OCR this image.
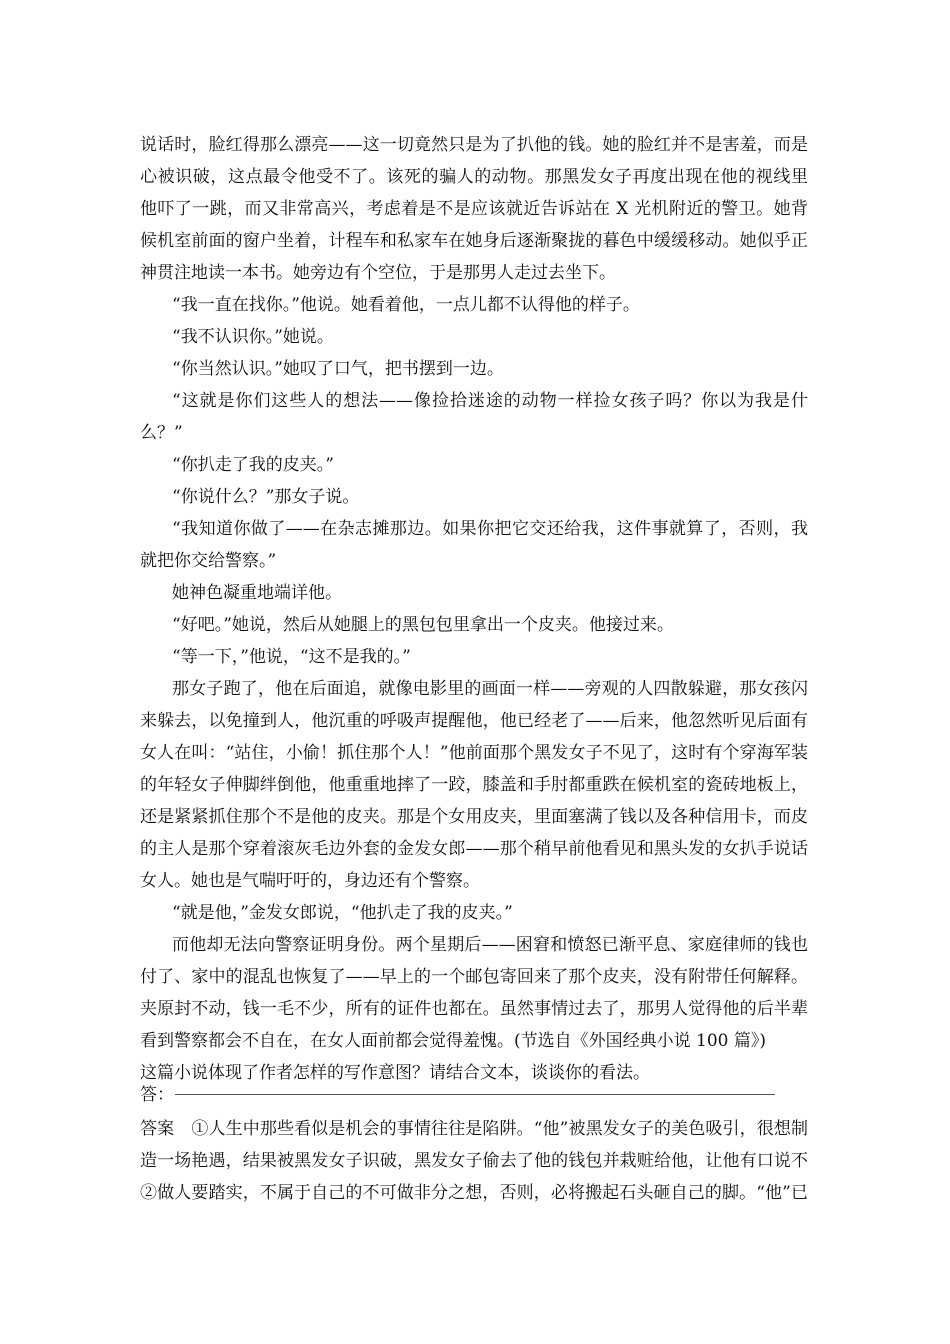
说话时，脸红得那么漂亮——这一切竟然只是为了扒他的钱。她的脸红并不是害羞，而是
心被识破，这点最令他受不了。该死的骗人的动物。那黑发女子再度出现在他的视线里
他吓了一跳，而又非常高兴，考虑着是不是应该就近告诉站在 X 光机附近的警卫。她背
候机室前面的窗户坐着，计程车和私家车在她身后逐渐聚拢的暮色中缓缓移动。她似乎正
神贯注地读一本书。她旁边有个空位，于是那男人走过去坐下。
“我一直在找你。”他说。她看着他，一点儿都不认得他的样子。
“我不认识你。”她说。
“你当然认识。”她叹了口气，把书摆到一边。
“这就是你们这些人的想法——像捡拾迷途的动物一样捡女孩子吗？你以为我是什
么？”
“你扒走了我的皮夹。”
“你说什么？”那女子说。
“我知道你做了——在杂志摊那边。如果你把它交还给我，这件事就算了，否则，我
就把你交给警察。”
她神色凝重地端详他。
“好吧。”她说，然后从她腿上的黑包包里拿出一个皮夹。他接过来。
“等一下，”他说，“这不是我的。”
那女子跑了，他在后面追，就像电影里的画面一样——旁观的人四散躲避，那女孩闪
来躲去，以免撞到人，他沉重的呼吸声提醒他，他已经老了——后来，他忽然听见后面有
女人在叫：“站住，小偷！抓住那个人！”他前面那个黑发女子不见了，这时有个穿海军装
的年轻女子伸脚绊倒他，他重重地摔了一跤，膝盖和手肘都重跌在候机室的瓷砖地板上，
还是紧紧抓住那个不是他的皮夹。那是个女用皮夹，里面塞满了钱以及各种信用卡，而皮
的主人是那个穿着滚灰毛边外套的金发女郎——那个稍早前他看见和黑头发的女扒手说话
女人。她也是气喘吁吁的，身边还有个警察。
“就是他，”金发女郎说，“他扒走了我的皮夹。”
而他却无法向警察证明身份。两个星期后——困窘和愤怒已渐平息、家庭律师的钱也
付了、家中的混乱也恢复了——早上的一个邮包寄回来了那个皮夹，没有附带任何解释。
夹原封不动，钱一毛不少，所有的证件也都在。虽然事情过去了，那男人觉得他的后半辈
看到警察都会不自在，在女人面前都会觉得羞愧。(节选自《外国经典小说 100 篇》)
这篇小说体现了作者怎样的写作意图？请结合文本，谈谈你的看法。
答：
答案　①人生中那些看似是机会的事情往往是陷阱。“他”被黑发女子的美色吸引，很想制
造一场艳遇，结果被黑发女子识破，黑发女子偷去了他的钱包并栽赃给他，让他有口说不
②做人要踏实，不属于自己的不可做非分之想，否则，必将搬起石头砸自己的脚。“他”已
